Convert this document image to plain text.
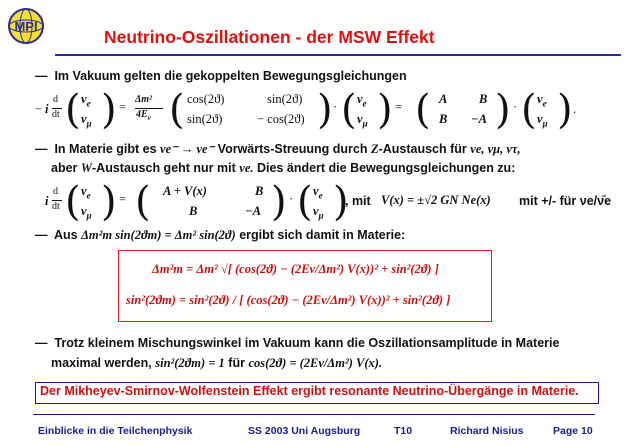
MPI
Neutrino-Oszillationen - der MSW Effekt
— Im Vakuum gelten die gekoppelten Bewegungsgleichungen
− i
d
dt ( $\nu_e$
$\nu_\mu$ ) =
Δm²
$4E_\nu$ ( cos(2ϑ)	sin(2ϑ)
sin(2ϑ)	− cos(2ϑ) ) · ( $\nu_e$
$\nu_\mu$ ) = ( A	B
B −A ) · ( $\nu_e$
$\nu_\mu$ ) .
— In Materie gibt es νe⁻ → νe⁻ Vorwärts-Streuung durch Z-Austausch für νe, νμ, ντ,
aber W-Austausch geht nur mit νe. Dies ändert die Bewegungsgleichungen zu:
i
d
dt ( $\nu_e$
$\nu_\mu$ ) = ( A + V(x)	B
B	−A ) · ( $\nu_e$
$\nu_\mu$ )
, mit V(x) = ±√2 GN Ne(x) mit +/- für νe/ν̄e
— Aus Δm²m sin(2ϑm) = Δm² sin(2ϑ) ergibt sich damit in Materie:
Δm²m = Δm² √[ (cos(2ϑ) − (2Eν/Δm²) V(x))² + sin²(2ϑ) ]
sin²(2ϑm) = sin²(2ϑ) / [ (cos(2ϑ) − (2Eν/Δm²) V(x))² + sin²(2ϑ) ]
— Trotz kleinem Mischungswinkel im Vakuum kann die Oszillationsamplitude in Materie
maximal werden, sin²(2ϑm) = 1 für cos(2ϑ) = (2Eν/Δm²) V(x).
Der Mikheyev-Smirnov-Wolfenstein Effekt ergibt resonante Neutrino-Übergänge in Materie.
Einblicke in die Teilchenphysik	SS 2003 Uni Augsburg	T10	Richard Nisius	Page 10
